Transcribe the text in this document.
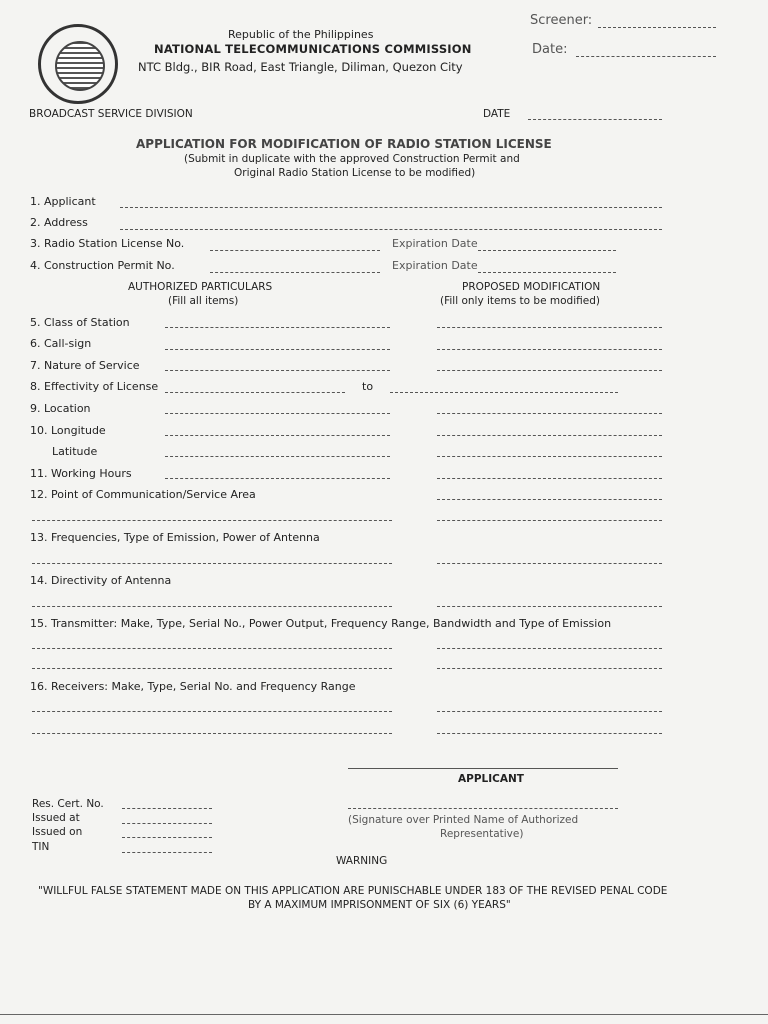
Republic of the Philippines
NATIONAL TELECOMMUNICATIONS COMMISSION
NTC Bldg., BIR Road, East Triangle, Diliman, Quezon City
Screener:
Date:
BROADCAST SERVICE DIVISION	DATE
APPLICATION FOR MODIFICATION OF RADIO STATION LICENSE
(Submit in duplicate with the approved Construction Permit and
Original Radio Station License to be modified)
1. Applicant
2. Address
3. Radio Station License No.	Expiration Date
4. Construction Permit No.	Expiration Date
AUTHORIZED PARTICULARS
(Fill all items)
PROPOSED MODIFICATION
(Fill only items to be modified)
5. Class of Station
6. Call-sign
7. Nature of Service
8. Effectivity of License	to
9. Location
10. Longitude
Latitude
11. Working Hours
12. Point of Communication/Service Area
13. Frequencies, Type of Emission, Power of Antenna
14. Directivity of Antenna
15. Transmitter: Make, Type, Serial No., Power Output, Frequency Range, Bandwidth and Type of Emission
16. Receivers: Make, Type, Serial No. and Frequency Range
APPLICANT
Res. Cert. No.
Issued at
Issued on
TIN
(Signature over Printed Name of Authorized
Representative)
WARNING
"WILLFUL FALSE STATEMENT MADE ON THIS APPLICATION ARE PUNISCHABLE UNDER 183 OF THE REVISED PENAL CODE
BY A MAXIMUM IMPRISONMENT OF SIX (6) YEARS"
